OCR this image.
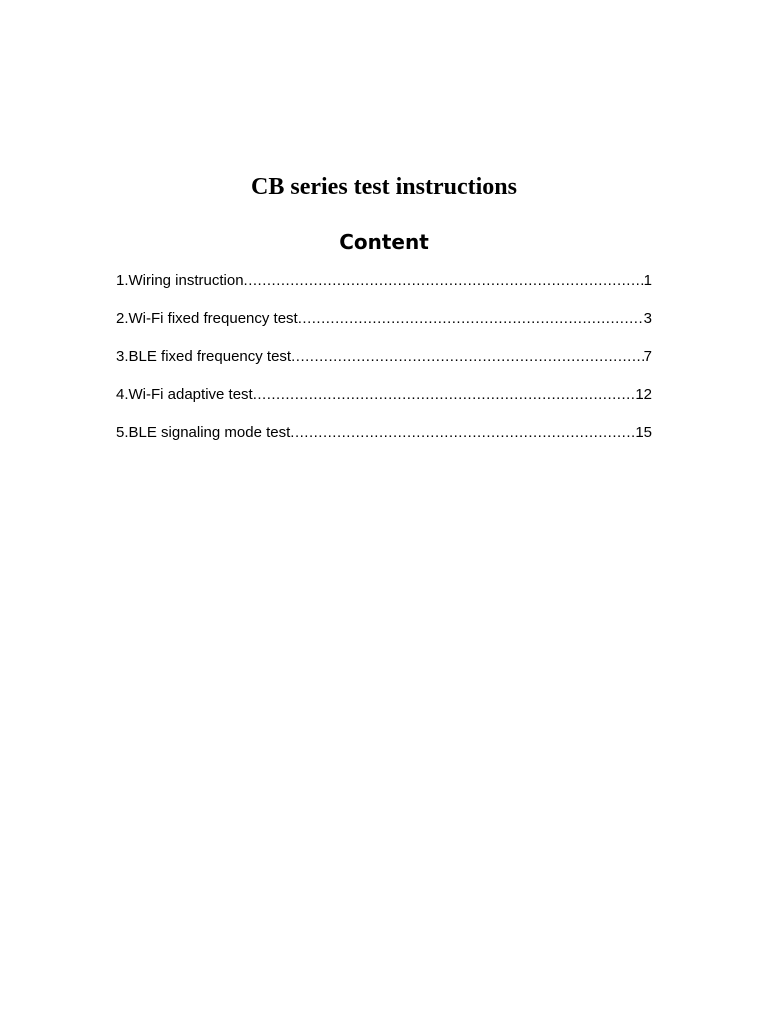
CB series test instructions
Content
1.Wiring instruction .....	1
2.Wi-Fi fixed frequency test .....	3
3.BLE fixed frequency test .....	7
4.Wi-Fi adaptive test .....	12
5.BLE signaling mode test .....	15
